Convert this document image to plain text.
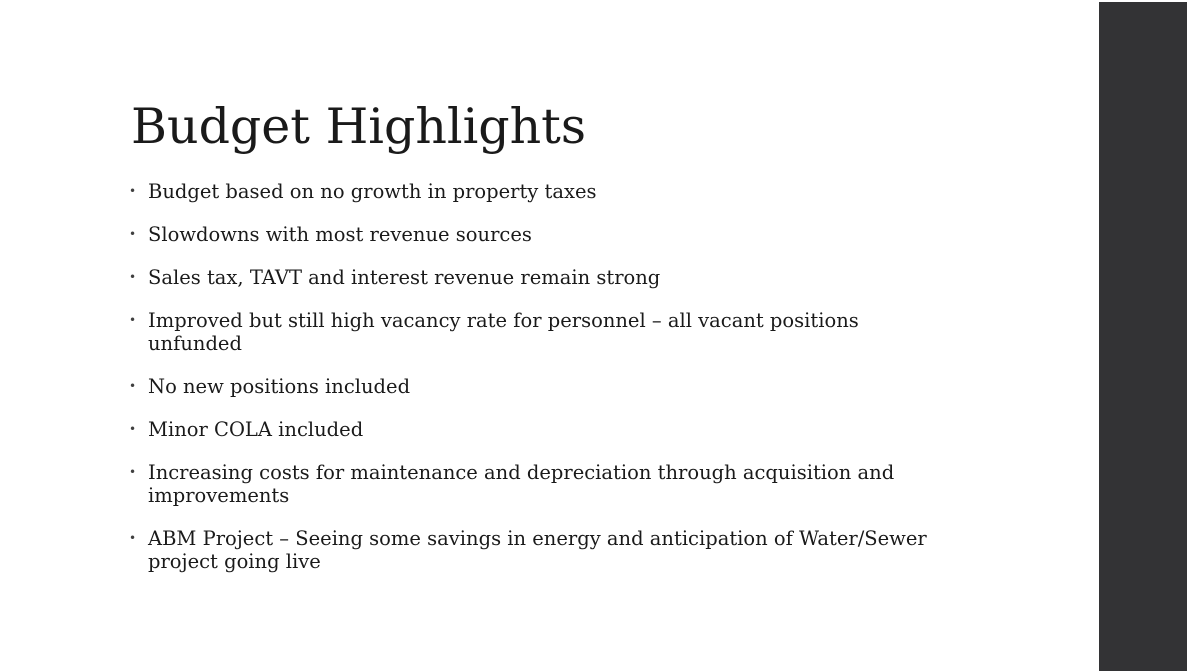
Budget Highlights
• Budget based on no growth in property taxes
• Slowdowns with most revenue sources
• Sales tax, TAVT and interest revenue remain strong
• Improved but still high vacancy rate for personnel – all vacant positions unfunded
• No new positions included
• Minor COLA included
• Increasing costs for maintenance and depreciation through acquisition and improvements
• ABM Project – Seeing some savings in energy and anticipation of Water/Sewer project going live
